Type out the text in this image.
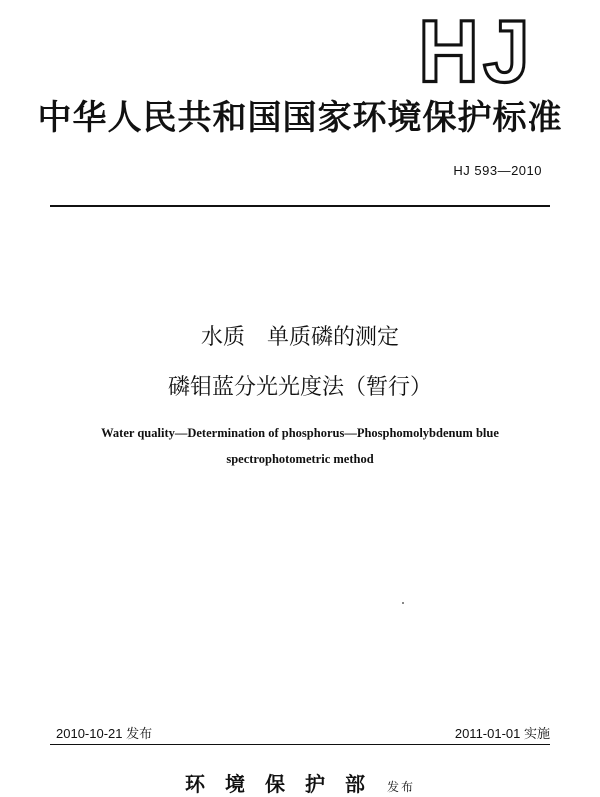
HJ
中华人民共和国国家环境保护标准
HJ 593—2010
水质　单质磷的测定
磷钼蓝分光光度法（暂行）
Water quality—Determination of phosphorus—Phosphomolybdenum blue
spectrophotometric method
2010-10-21 发布	2011-01-01 实施
环境保护部 发布
